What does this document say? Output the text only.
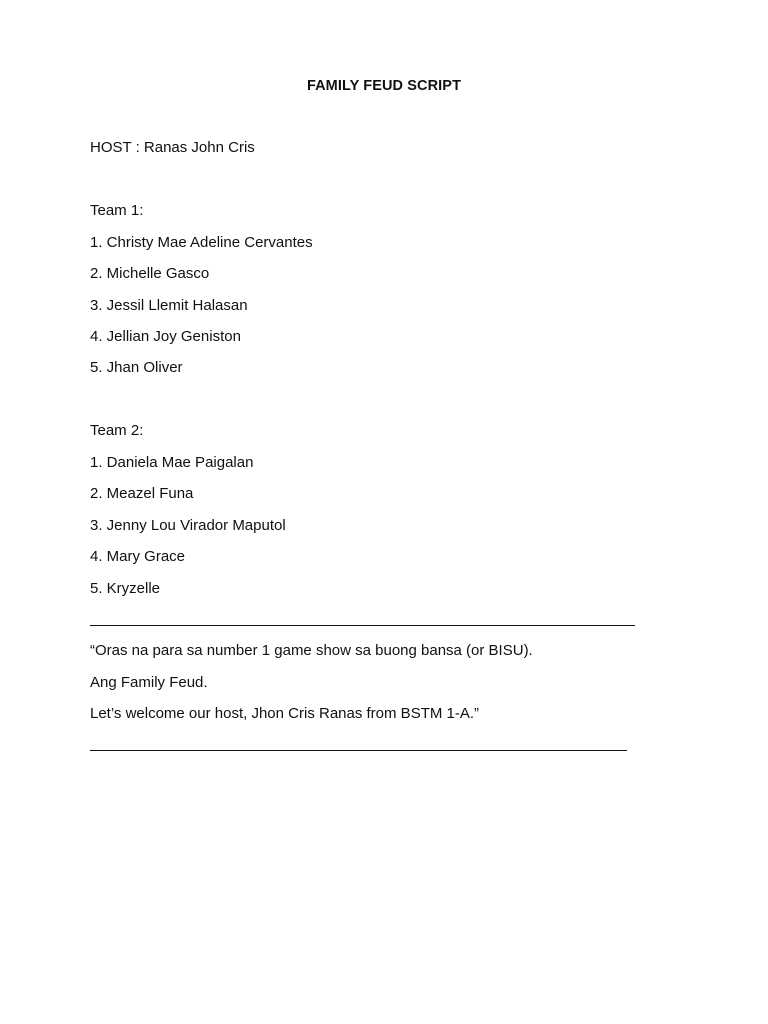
FAMILY FEUD SCRIPT
HOST : Ranas John Cris
Team 1:
1. Christy Mae Adeline Cervantes
2. Michelle Gasco
3. Jessil Llemit Halasan
4. Jellian Joy Geniston
5. Jhan Oliver
Team 2:
1. Daniela Mae Paigalan
2. Meazel Funa
3. Jenny Lou Virador Maputol
4. Mary Grace
5. Kryzelle
“Oras na para sa number 1 game show sa buong bansa (or BISU).
Ang Family Feud.
Let’s welcome our host, Jhon Cris Ranas from BSTM 1-A.”
